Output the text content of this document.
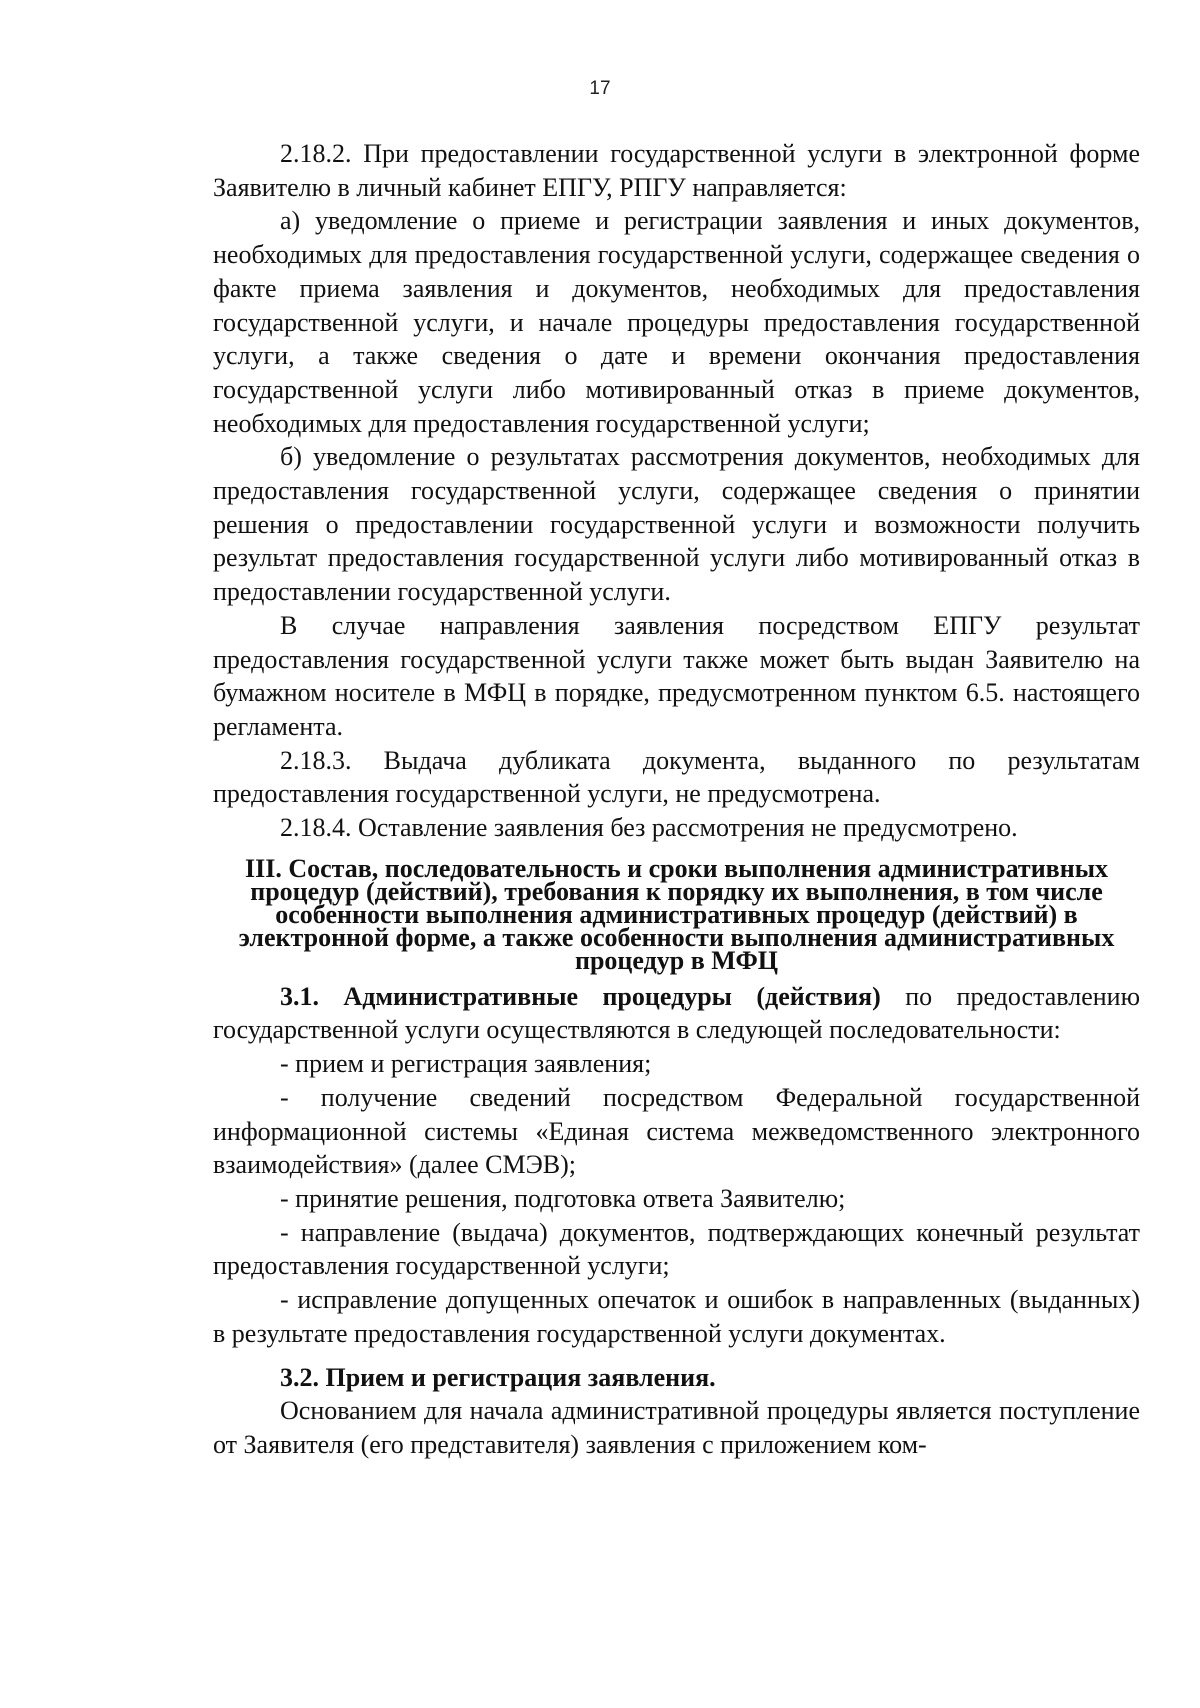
17

2.18.2. При предоставлении государственной услуги в электронной форме Заявителю в личный кабинет ЕПГУ, РПГУ направляется:

а) уведомление о приеме и регистрации заявления и иных документов, необходимых для предоставления государственной услуги, содержащее сведения о факте приема заявления и документов, необходимых для предоставления государственной услуги, и начале процедуры предоставления государственной услуги, а также сведения о дате и времени окончания предоставления государственной услуги либо мотивированный отказ в приеме документов, необходимых для предоставления государственной услуги;

б) уведомление о результатах рассмотрения документов, необходимых для предоставления государственной услуги, содержащее сведения о принятии решения о предоставлении государственной услуги и возможности получить результат предоставления государственной услуги либо мотивированный отказ в предоставлении государственной услуги.

В случае направления заявления посредством ЕПГУ результат предоставления государственной услуги также может быть выдан Заявителю на бумажном носителе в МФЦ в порядке, предусмотренном пунктом 6.5. настоящего регламента.

2.18.3. Выдача дубликата документа, выданного по результатам предоставления государственной услуги, не предусмотрена.

2.18.4. Оставление заявления без рассмотрения не предусмотрено.

III. Состав, последовательность и сроки выполнения административных процедур (действий), требования к порядку их выполнения, в том числе особенности выполнения административных процедур (действий) в электронной форме, а также особенности выполнения административных процедур в МФЦ

3.1. Административные процедуры (действия) по предоставлению государственной услуги осуществляются в следующей последовательности:

- прием и регистрация заявления;

- получение сведений посредством Федеральной государственной информационной системы «Единая система межведомственного электронного взаимодействия» (далее СМЭВ);

- принятие решения, подготовка ответа Заявителю;

- направление (выдача) документов, подтверждающих конечный результат предоставления государственной услуги;

- исправление допущенных опечаток и ошибок в направленных (выданных) в результате предоставления государственной услуги документах.

3.2. Прием и регистрация заявления.

Основанием для начала административной процедуры является поступление от Заявителя (его представителя) заявления с приложением ком-
